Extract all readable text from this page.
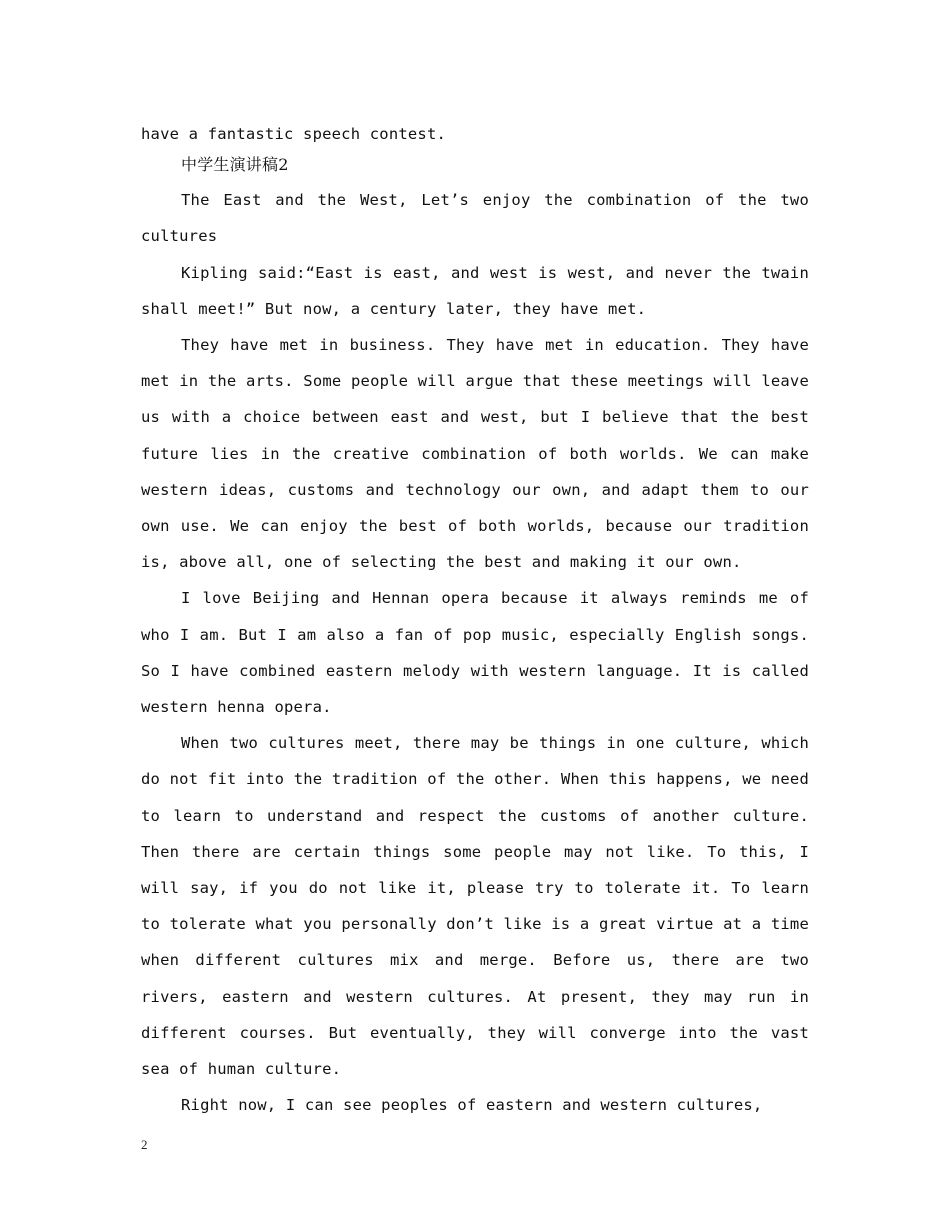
have a fantastic speech contest.

中学生演讲稿2

The East and the West, Let’s enjoy the combination of the two cultures

Kipling said:“East is east, and west is west, and never the twain shall meet!” But now, a century later, they have met.

They have met in business. They have met in education. They have met in the arts. Some people will argue that these meetings will leave us with a choice between east and west, but I believe that the best future lies in the creative combination of both worlds. We can make western ideas, customs and technology our own, and adapt them to our own use. We can enjoy the best of both worlds, because our tradition is, above all, one of selecting the best and making it our own.

I love Beijing and Hennan opera because it always reminds me of who I am. But I am also a fan of pop music, especially English songs. So I have combined eastern melody with western language. It is called western henna opera.

When two cultures meet, there may be things in one culture, which do not fit into the tradition of the other. When this happens, we need to learn to understand and respect the customs of another culture. Then there are certain things some people may not like. To this, I will say, if you do not like it, please try to tolerate it. To learn to tolerate what you personally don’t like is a great virtue at a time when different cultures mix and merge. Before us, there are two rivers, eastern and western cultures. At present, they may run in different courses. But eventually, they will converge into the vast sea of human culture.

Right now, I can see peoples of eastern and western cultures,

2
